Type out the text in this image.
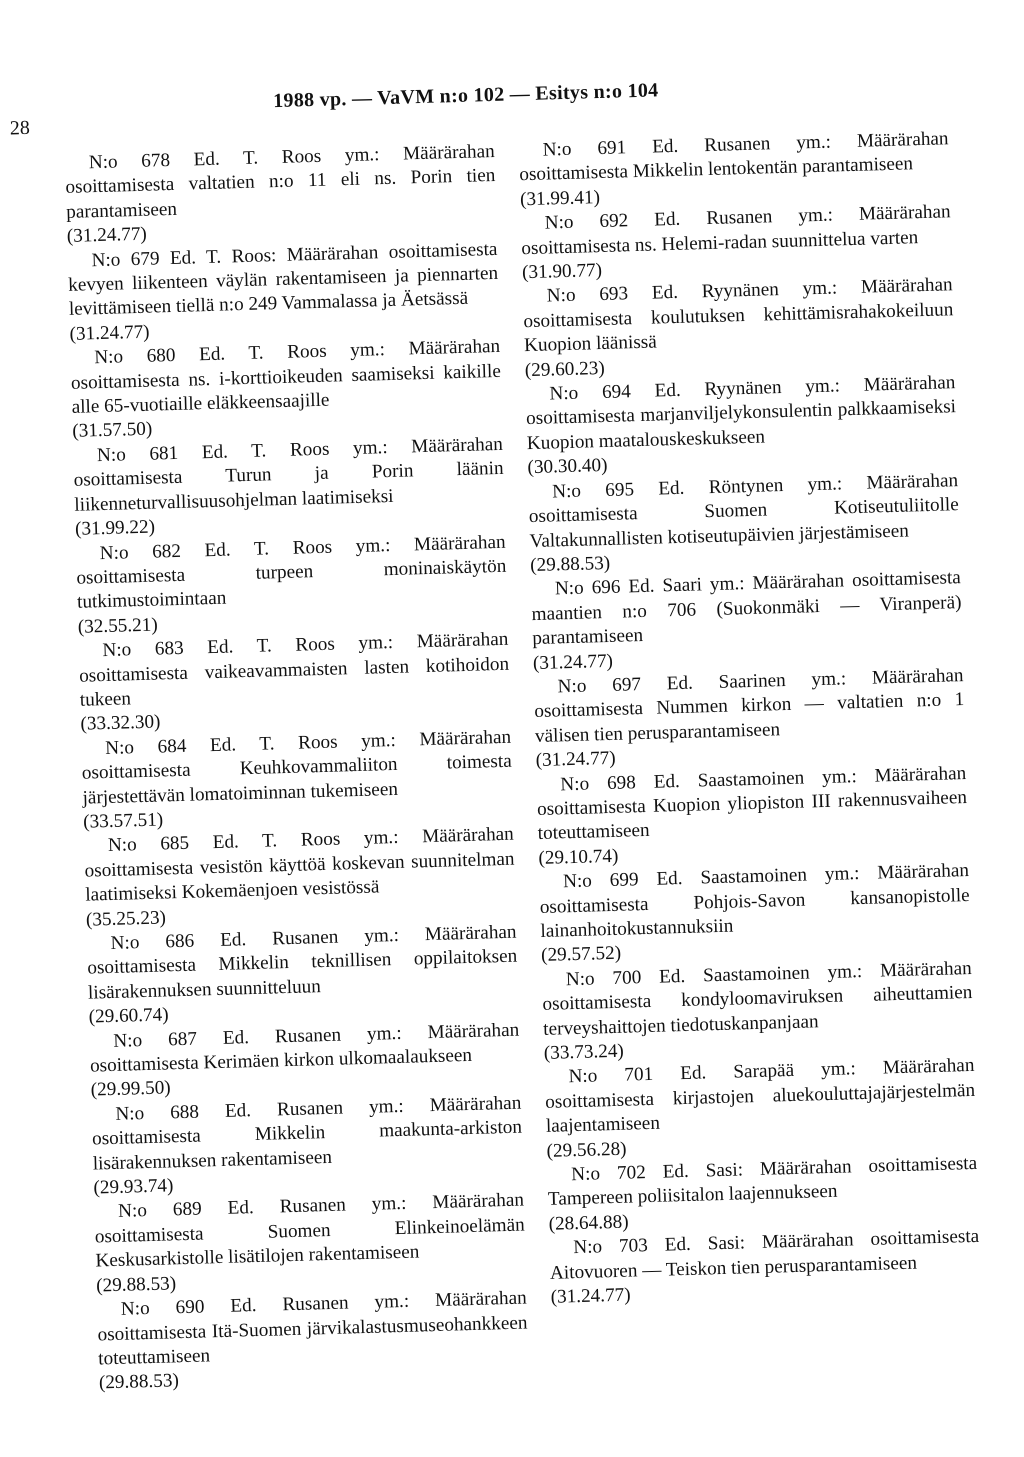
28
1988 vp. — VaVM n:o 102 — Esitys n:o 104

N:o 678 Ed. T. Roos ym.: Määrärahan osoittamisesta valtatien n:o 11 eli ns. Porin tien parantamiseen

(31.24.77)

N:o 679 Ed. T. Roos: Määrärahan osoittamisesta kevyen liikenteen väylän rakentamiseen ja piennarten levittämiseen tiellä n:o 249 Vammalassa ja Äetsässä

(31.24.77)

N:o 680 Ed. T. Roos ym.: Määrärahan osoittamisesta ns. i-korttioikeuden saamiseksi kaikille alle 65-vuotiaille eläkkeensaajille

(31.57.50)

N:o 681 Ed. T. Roos ym.: Määrärahan osoittamisesta Turun ja Porin läänin liikenneturvallisuusohjelman laatimiseksi

(31.99.22)

N:o 682 Ed. T. Roos ym.: Määrärahan osoittamisesta turpeen moninaiskäytön tutkimustoimintaan

(32.55.21)

N:o 683 Ed. T. Roos ym.: Määrärahan osoittamisesta vaikeavammaisten lasten kotihoidon tukeen

(33.32.30)

N:o 684 Ed. T. Roos ym.: Määrärahan osoittamisesta Keuhkovammaliiton toimesta järjestettävän lomatoiminnan tukemiseen

(33.57.51)

N:o 685 Ed. T. Roos ym.: Määrärahan osoittamisesta vesistön käyttöä koskevan suunnitelman laatimiseksi Kokemäenjoen vesistössä

(35.25.23)

N:o 686 Ed. Rusanen ym.: Määrärahan osoittamisesta Mikkelin teknillisen oppilaitoksen lisärakennuksen suunnitteluun

(29.60.74)

N:o 687 Ed. Rusanen ym.: Määrärahan osoittamisesta Kerimäen kirkon ulkomaalaukseen

(29.99.50)

N:o 688 Ed. Rusanen ym.: Määrärahan osoittamisesta Mikkelin maakunta-arkiston lisärakennuksen rakentamiseen

(29.93.74)

N:o 689 Ed. Rusanen ym.: Määrärahan osoittamisesta Suomen Elinkeinoelämän Keskusarkistolle lisätilojen rakentamiseen

(29.88.53)

N:o 690 Ed. Rusanen ym.: Määrärahan osoittamisesta Itä-Suomen järvikalastusmuseohankkeen toteuttamiseen

(29.88.53)

N:o 691 Ed. Rusanen ym.: Määrärahan osoittamisesta Mikkelin lentokentän parantamiseen

(31.99.41)

N:o 692 Ed. Rusanen ym.: Määrärahan osoittamisesta ns. Helemi-radan suunnittelua varten

(31.90.77)

N:o 693 Ed. Ryynänen ym.: Määrärahan osoittamisesta koulutuksen kehittämisrahakokeiluun Kuopion läänissä

(29.60.23)

N:o 694 Ed. Ryynänen ym.: Määrärahan osoittamisesta marjanviljelykonsulentin palkkaamiseksi Kuopion maatalouskeskukseen

(30.30.40)

N:o 695 Ed. Röntynen ym.: Määrärahan osoittamisesta Suomen Kotiseutuliitolle Valtakunnallisten kotiseutupäivien järjestämiseen

(29.88.53)

N:o 696 Ed. Saari ym.: Määrärahan osoittamisesta maantien n:o 706 (Suokonmäki — Viranperä) parantamiseen

(31.24.77)

N:o 697 Ed. Saarinen ym.: Määrärahan osoittamisesta Nummen kirkon — valtatien n:o 1 välisen tien perusparantamiseen

(31.24.77)

N:o 698 Ed. Saastamoinen ym.: Määrärahan osoittamisesta Kuopion yliopiston III rakennusvaiheen toteuttamiseen

(29.10.74)

N:o 699 Ed. Saastamoinen ym.: Määrärahan osoittamisesta Pohjois-Savon kansanopistolle lainanhoitokustannuksiin

(29.57.52)

N:o 700 Ed. Saastamoinen ym.: Määrärahan osoittamisesta kondyloomaviruksen aiheuttamien terveyshaittojen tiedotuskanpanjaan

(33.73.24)

N:o 701 Ed. Sarapää ym.: Määrärahan osoittamisesta kirjastojen aluekouluttajajärjestelmän laajentamiseen

(29.56.28)

N:o 702 Ed. Sasi: Määrärahan osoittamisesta Tampereen poliisitalon laajennukseen

(28.64.88)

N:o 703 Ed. Sasi: Määrärahan osoittamisesta Aitovuoren — Teiskon tien perusparantamiseen

(31.24.77)
